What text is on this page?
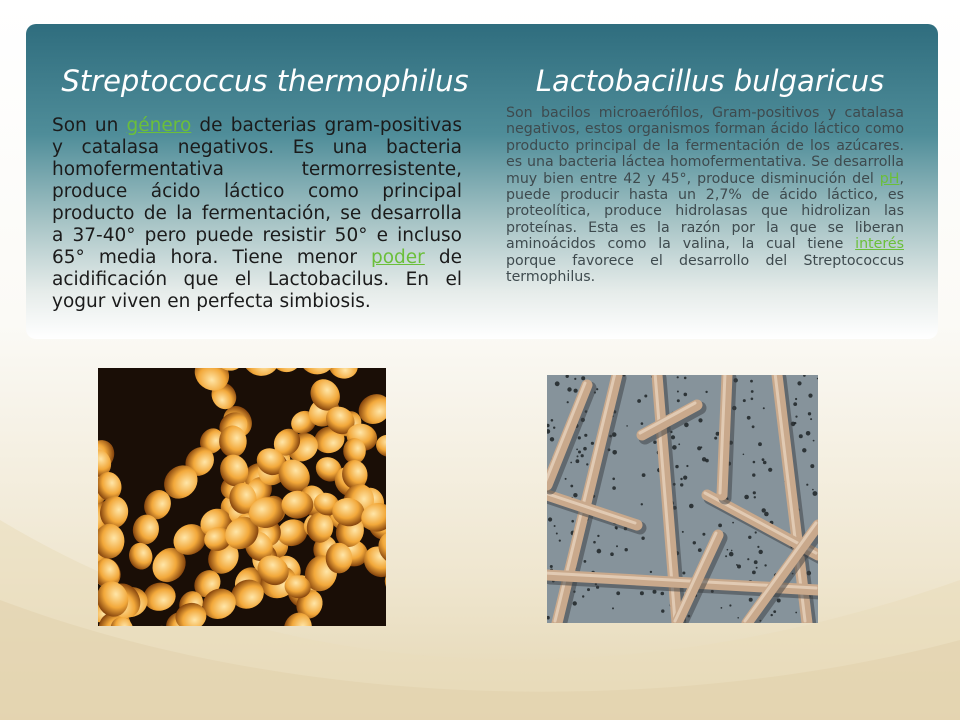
Streptococcus thermophilus	Lactobacillus bulgaricus

Son un género de bacterias gram-positivas y catalasa negativos. Es una bacteria homofermentativa termorresistente, produce ácido láctico como principal producto de la fermentación, se desarrolla a 37-40° pero puede resistir 50° e incluso 65° media hora. Tiene menor poder de acidificación que el Lactobacilus. En el yogur viven en perfecta simbiosis.

Son bacilos microaerófilos, Gram-positivos y catalasa negativos, estos organismos forman ácido láctico como producto principal de la fermentación de los azúcares. es una bacteria láctea homofermentativa. Se desarrolla muy bien entre 42 y 45°, produce disminución del pH, puede producir hasta un 2,7% de ácido láctico, es proteolítica, produce hidrolasas que hidrolizan las proteínas. Esta es la razón por la que se liberan aminoácidos como la valina, la cual tiene interés porque favorece el desarrollo del Streptococcus termophilus.
